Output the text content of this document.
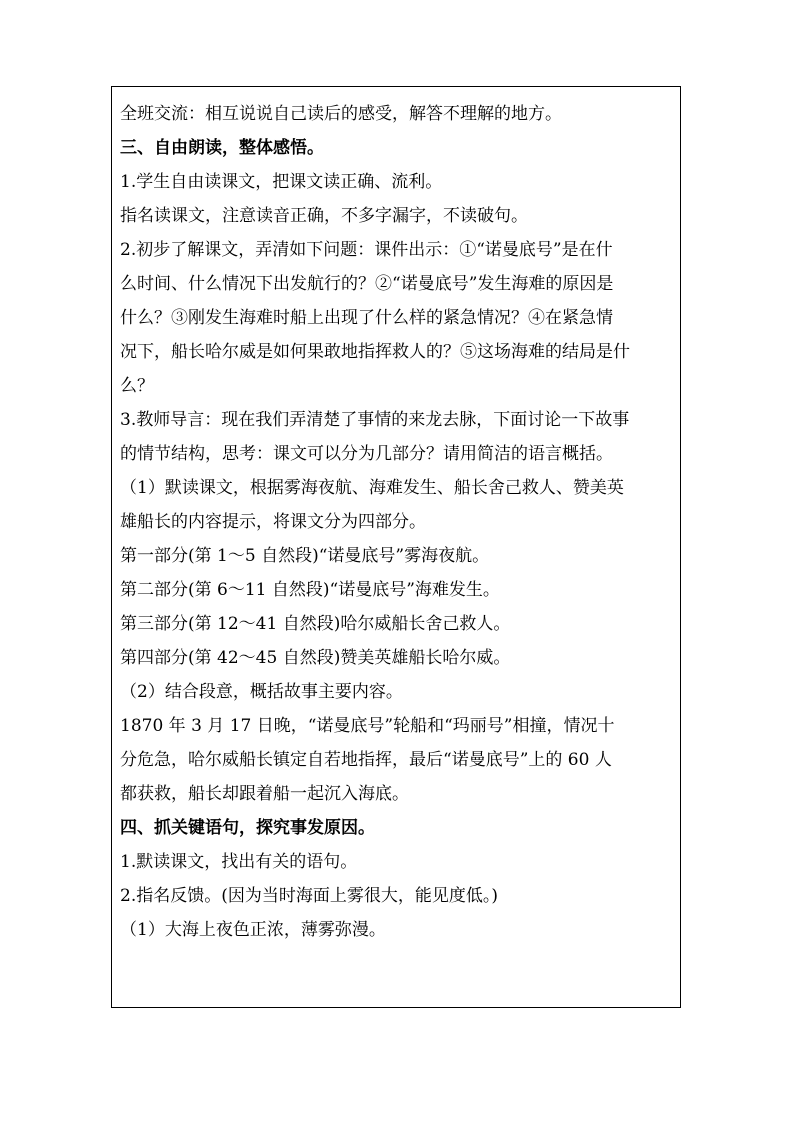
全班交流：相互说说自己读后的感受，解答不理解的地方。

三、自由朗读，整体感悟。

1.学生自由读课文，把课文读正确、流利。

指名读课文，注意读音正确，不多字漏字，不读破句。

2.初步了解课文，弄清如下问题：课件出示：①“诺曼底号”是在什

么时间、什么情况下出发航行的？②“诺曼底号”发生海难的原因是

什么？③刚发生海难时船上出现了什么样的紧急情况？④在紧急情

况下，船长哈尔威是如何果敢地指挥救人的？⑤这场海难的结局是什

么？

3.教师导言：现在我们弄清楚了事情的来龙去脉，下面讨论一下故事

的情节结构，思考：课文可以分为几部分？请用简洁的语言概括。

（1）默读课文，根据雾海夜航、海难发生、船长舍己救人、赞美英

雄船长的内容提示，将课文分为四部分。

第一部分(第 1～5 自然段)“诺曼底号”雾海夜航。

第二部分(第 6～11 自然段)“诺曼底号”海难发生。

第三部分(第 12～41 自然段)哈尔威船长舍己救人。

第四部分(第 42～45 自然段)赞美英雄船长哈尔威。

（2）结合段意，概括故事主要内容。

1870 年 3 月 17 日晚，“诺曼底号”轮船和“玛丽号”相撞，情况十

分危急，哈尔威船长镇定自若地指挥，最后“诺曼底号”上的 60 人

都获救，船长却跟着船一起沉入海底。

四、抓关键语句，探究事发原因。

1.默读课文，找出有关的语句。

2.指名反馈。(因为当时海面上雾很大，能见度低。)

（1）大海上夜色正浓，薄雾弥漫。
